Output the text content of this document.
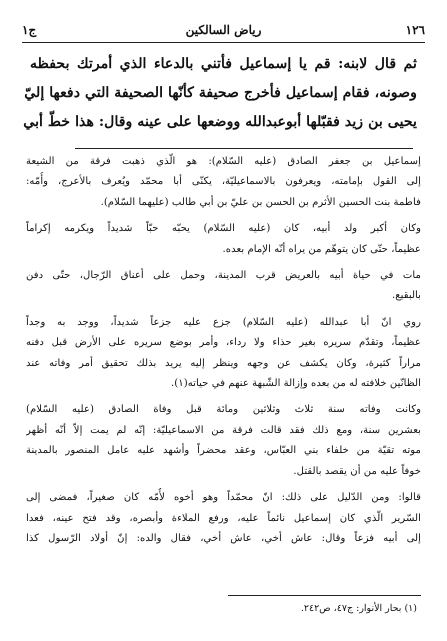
١٢٦
رياض السالكين
ج١
ثم قال لابنه: قم يا إسماعيل فأتني بالدعاء الذي أمرتك بحفظه
وصونه، فقام إسماعيل فأخرج صحيفة كأنّها الصحيفة التي دفعها إليّ
يحيى بن زيد فقبّلها أبوعبدالله ووضعها على عينه وقال: هذا خطّ أبي
إسماعيل بن جعفر الصادق (عليه السّلام): هو الّذي ذهبت فرقة من الشيعة
إلى القول بإمامته، ويعرفون بالاسماعيليّة، يكنّى أبا محمّد ويُعرف بالأعرج، وأُمّه:
فاطمة بنت الحسين الأثرم بن الحسن بن عليّ بن أبي طالب (عليهما السّلام).
وكان أكبر ولد أبيه، كان (عليه السّلام) يحبّه حبّاً شديداً ويكرمه إكراماً
عظيماً، حتّى كان يتوهّم من يراه أنّه الإمام بعده.
مات في حياة أبيه بالعريض قرب المدينة، وحمل على أعناق الرّجال، حتّى دفن
بالبقيع.
روي انّ أبا عبدالله (عليه السّلام) جزع عليه جزعاً شديداً، ووجد به وجداً
عظيماً، وتقدّم سريره بغير حذاء ولا رداء، وأمر بوضع سريره على الأرض قبل دفنه
مراراً كثيرة، وكان يكشف عن وجهه وينظر إليه يريد بذلك تحقيق أمر وفاته عند
الظانّين خلافته له من بعده وإزالة الشّبهة عنهم في حياته(١).
وكانت وفاته سنة ثلاث وثلاثين ومائة قبل وفاة الصادق (عليه السّلام)
بعشرين سنة، ومع ذلك فقد قالت فرقة من الاسماعيليّة: إنّه لم يمت إلاّ أنّه أظهر
موته تقيّة من خلفاء بني العبّاس، وعقد محضراً وأشهد عليه عامل المنصور بالمدينة
خوفاً عليه من أن يقصد بالقتل.
قالوا: ومن الدّليل على ذلك: انّ محمّداً وهو أخوه لأُمّه كان صغيراً، فمضى إلى
السّرير الّذي كان إسماعيل نائماً عليه، ورفع الملاءة وأبصره، وقد فتح عينه، فعدا
إلى أبيه فزعاً وقال: عاش أخي، عاش أخي، فقال والده: إنّ أولاد الرّسول كذا
(١) بحار الأنوار: ج٤٧، ص٢٤٢.
